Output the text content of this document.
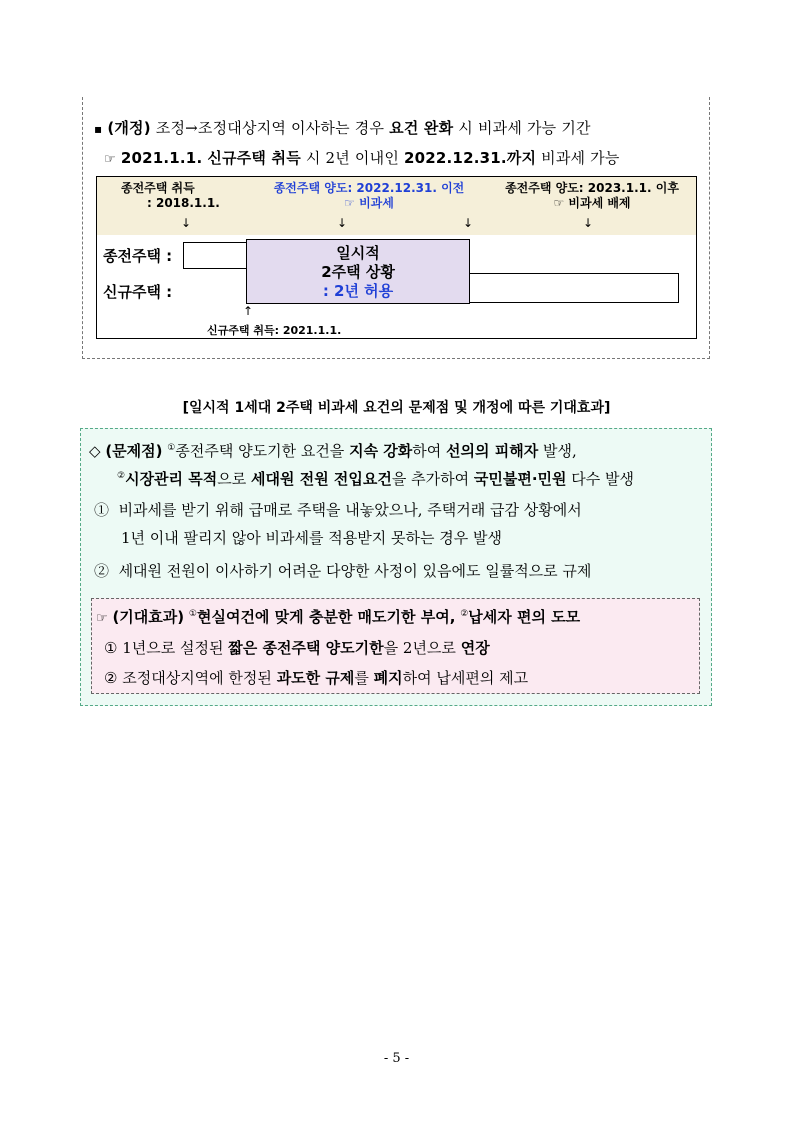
▪ (개정) 조정→조정대상지역 이사하는 경우 요건 완화 시 비과세 가능 기간
☞ 2021.1.1. 신규주택 취득 시 2년 이내인 2022.12.31.까지 비과세 가능
종전주택 취득
: 2018.1.1.
종전주택 양도: 2022.12.31. 이전
☞ 비과세
종전주택 양도: 2023.1.1. 이후
☞ 비과세 배제
↓	↓	↓	↓
종전주택 :
신규주택 :
일시적
2주택 상황
: 2년 허용
↑
신규주택 취득: 2021.1.1.
[일시적 1세대 2주택 비과세 요건의 문제점 및 개정에 따른 기대효과]
◇ (문제점) ①종전주택 양도기한 요건을 지속 강화하여 선의의 피해자 발생,
②시장관리 목적으로 세대원 전원 전입요건을 추가하여 국민불편·민원 다수 발생
① 비과세를 받기 위해 급매로 주택을 내놓았으나, 주택거래 급감 상황에서
1년 이내 팔리지 않아 비과세를 적용받지 못하는 경우 발생
② 세대원 전원이 이사하기 어려운 다양한 사정이 있음에도 일률적으로 규제
☞ (기대효과) ①현실여건에 맞게 충분한 매도기한 부여, ②납세자 편의 도모
① 1년으로 설정된 짧은 종전주택 양도기한을 2년으로 연장
② 조정대상지역에 한정된 과도한 규제를 폐지하여 납세편의 제고
- 5 -
